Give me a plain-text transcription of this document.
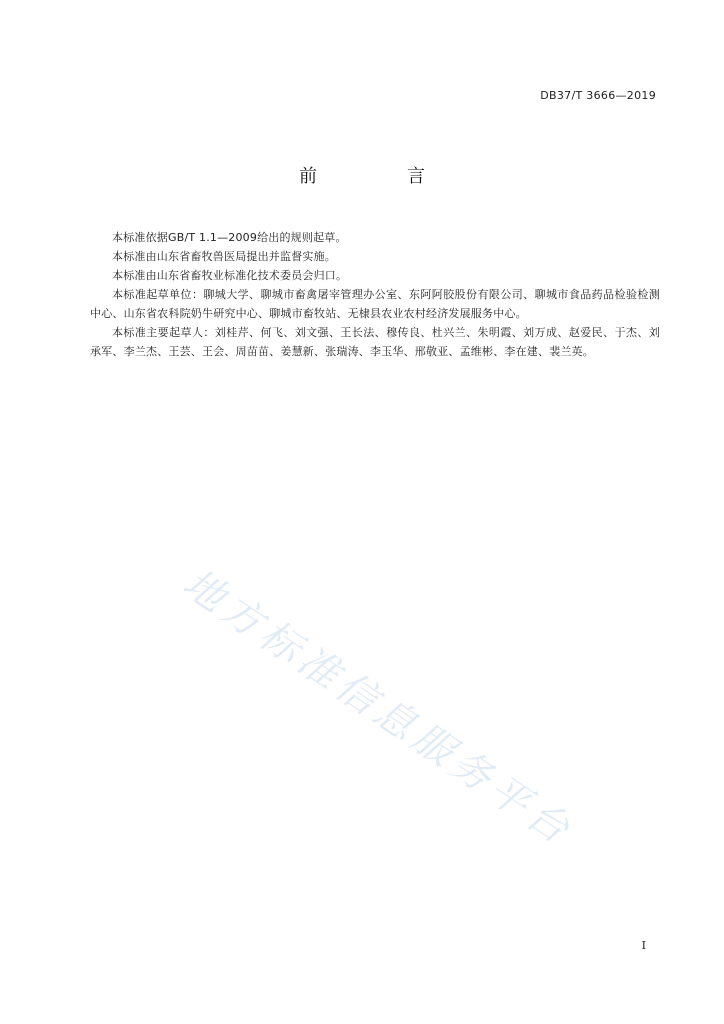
DB37/T 3666—2019
前　言

本标准依据GB/T 1.1—2009给出的规则起草。

本标准由山东省畜牧兽医局提出并监督实施。

本标准由山东省畜牧业标准化技术委员会归口。

本标准起草单位：聊城大学、聊城市畜禽屠宰管理办公室、东阿阿胶股份有限公司、聊城市食品药品检验检测中心、山东省农科院奶牛研究中心、聊城市畜牧站、无棣县农业农村经济发展服务中心。

本标准主要起草人：刘桂芹、何飞、刘文强、王长法、穆传良、杜兴兰、朱明霞、刘万成、赵爱民、于杰、刘承军、李兰杰、王芸、王会、周苗苗、姜慧新、张瑞涛、李玉华、邢敬亚、孟维彬、李在建、裴兰英。

地方标准信息服务平台
I
